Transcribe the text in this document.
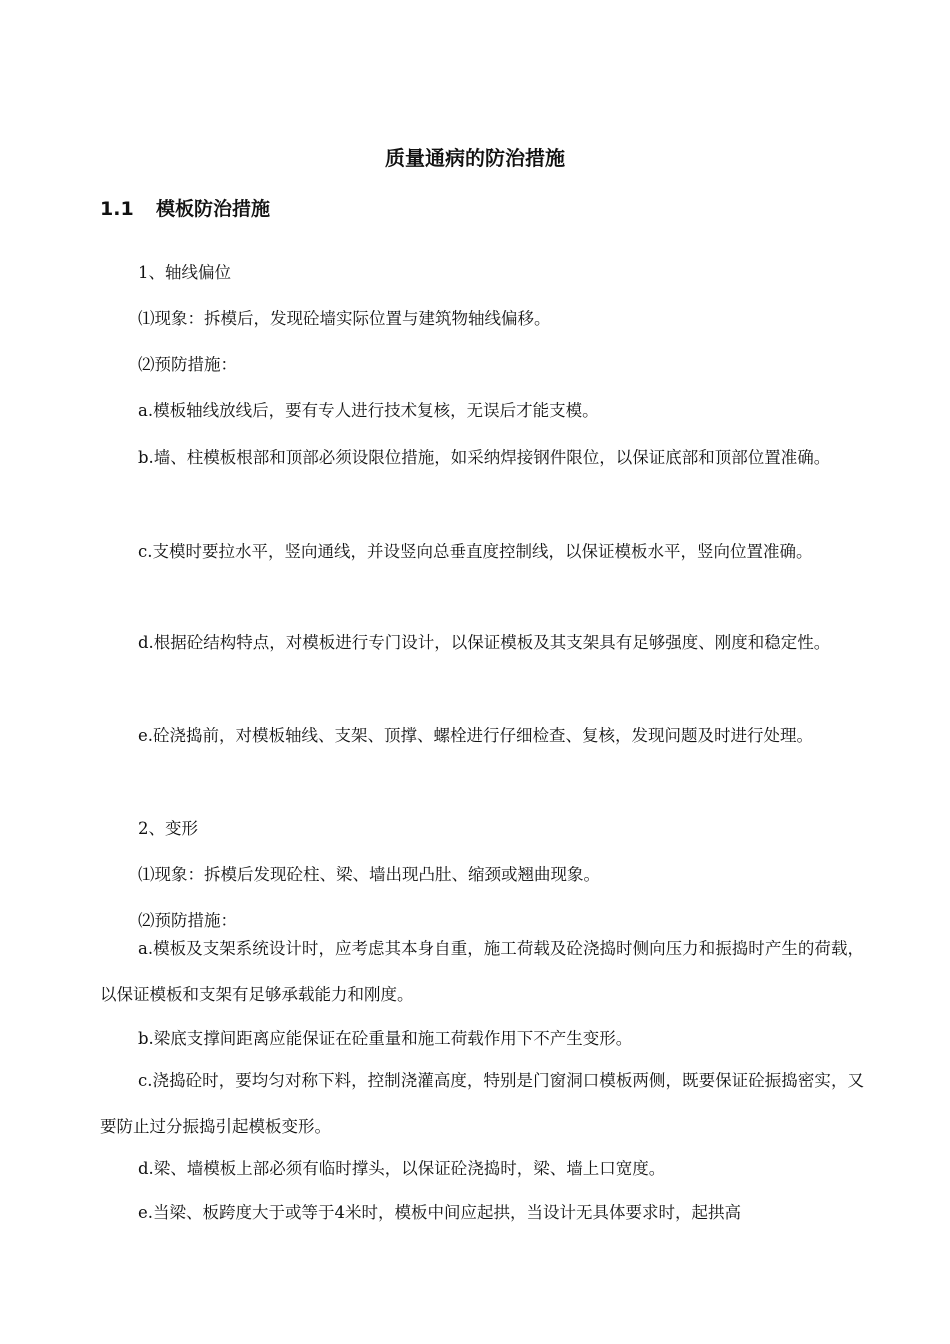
质量通病的防治措施
1.1 模板防治措施
1、轴线偏位
⑴现象：拆模后，发现砼墙实际位置与建筑物轴线偏移。
⑵预防措施：
a.模板轴线放线后，要有专人进行技术复核，无误后才能支模。
b.墙、柱模板根部和顶部必须设限位措施，如采纳焊接钢件限位，以保证底部和顶部位置准确。
c.支模时要拉水平，竖向通线，并设竖向总垂直度控制线，以保证模板水平，竖向位置准确。
d.根据砼结构特点，对模板进行专门设计，以保证模板及其支架具有足够强度、刚度和稳定性。
e.砼浇捣前，对模板轴线、支架、顶撑、螺栓进行仔细检查、复核，发现问题及时进行处理。
2、变形
⑴现象：拆模后发现砼柱、梁、墙出现凸肚、缩颈或翘曲现象。
⑵预防措施：
a.模板及支架系统设计时，应考虑其本身自重，施工荷载及砼浇捣时侧向压力和振捣时产生的荷载，以保证模板和支架有足够承载能力和刚度。
b.梁底支撑间距离应能保证在砼重量和施工荷载作用下不产生变形。
c.浇捣砼时，要均匀对称下料，控制浇灌高度，特别是门窗洞口模板两侧，既要保证砼振捣密实，又要防止过分振捣引起模板变形。
d.梁、墙模板上部必须有临时撑头，以保证砼浇捣时，梁、墙上口宽度。
e.当梁、板跨度大于或等于4米时，模板中间应起拱，当设计无具体要求时，起拱高
